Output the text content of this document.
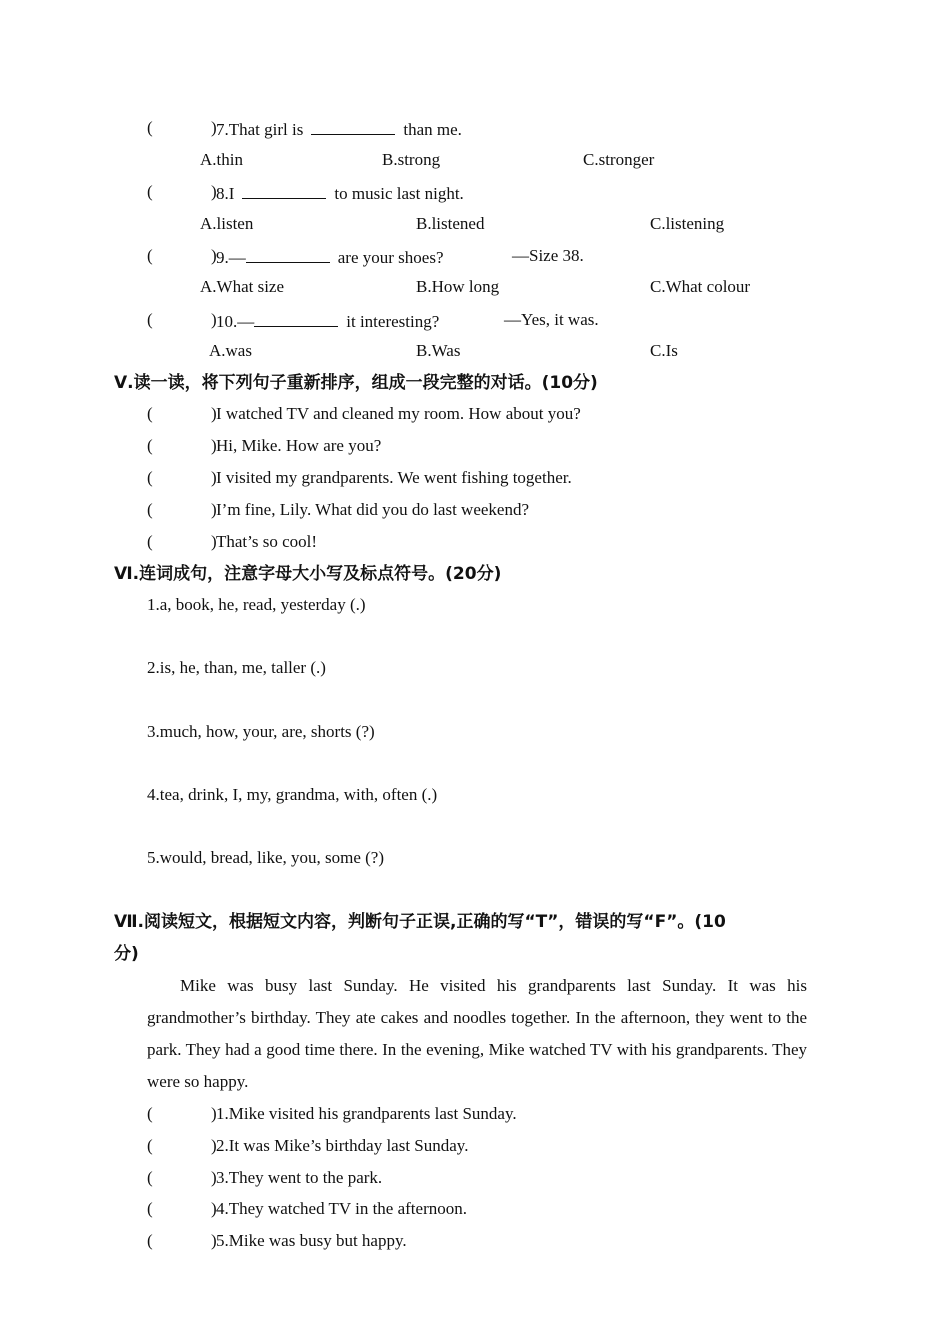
(	) 7.That girl is	than me.
A.thin	B.strong	C.stronger
(	) 8.I	to music last night.
A.listen	B.listened	C.listening
(	) 9.—	are your shoes?	—Size 38.
A.What size	B.How long	C.What colour
(	) 10.—	it interesting?	—Yes, it was.
A.was	B.Was	C.Is
Ⅴ.读一读，将下列句子重新排序，组成一段完整的对话。(10分)
(	) I watched TV and cleaned my room. How about you?
(	) Hi, Mike. How are you?
(	) I visited my grandparents. We went fishing together.
(	) I’m fine, Lily. What did you do last weekend?
(	) That’s so cool!
Ⅵ.连词成句，注意字母大小写及标点符号。(20分)
1.a, book, he, read, yesterday (.)
2.is, he, than, me, taller (.)
3.much, how, your, are, shorts (?)
4.tea, drink, I, my, grandma, with, often (.)
5.would, bread, like, you, some (?)
Ⅶ.阅读短文，根据短文内容，判断句子正误,正确的写“T”，错误的写“F”。(10
分)
Mike was busy last Sunday. He visited his grandparents last Sunday. It was his grandmother’s birthday. They ate cakes and noodles together. In the afternoon, they went to the park. They had a good time there. In the evening, Mike watched TV with his grandparents. They were so happy.
(	) 1.Mike visited his grandparents last Sunday.
(	) 2.It was Mike’s birthday last Sunday.
(	) 3.They went to the park.
(	) 4.They watched TV in the afternoon.
(	) 5.Mike was busy but happy.
